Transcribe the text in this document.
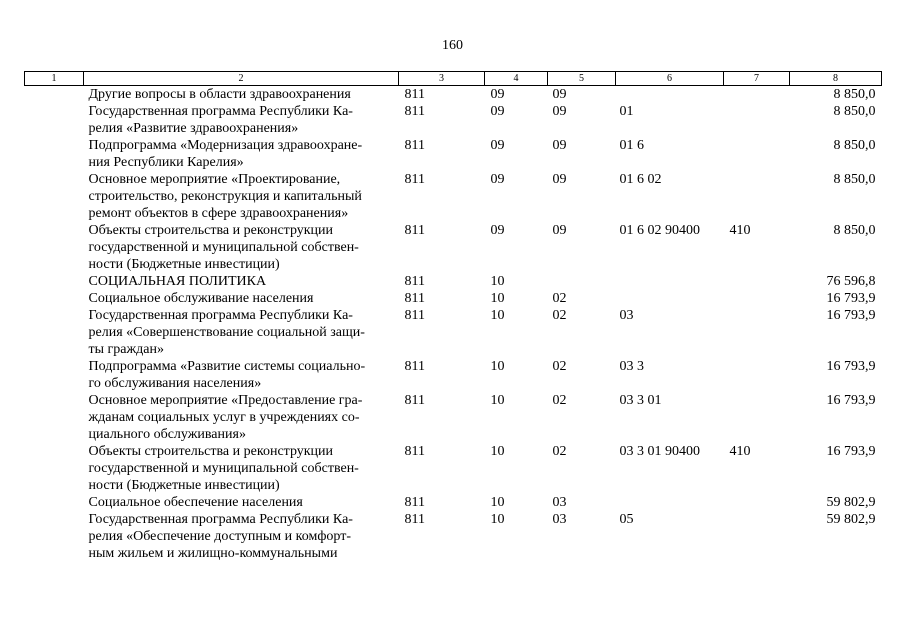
160
1	2	3	4	5	6	7	8
	Другие вопросы в области здравоохранения	811	09	09			8 850,0
	Государственная программа Республики Ка-
релия «Развитие здравоохранения»	811	09	09	01		8 850,0
	Подпрограмма «Модернизация здравоохране-
ния Республики Карелия»	811	09	09	01 6		8 850,0
	Основное мероприятие «Проектирование,
строительство, реконструкция и капитальный
ремонт объектов в сфере здравоохранения»	811	09	09	01 6 02		8 850,0
	Объекты строительства и реконструкции
государственной и муниципальной собствен-
ности (Бюджетные инвестиции)	811	09	09	01 6 02 90400	410	8 850,0
	СОЦИАЛЬНАЯ ПОЛИТИКА	811	10				76 596,8
	Социальное обслуживание населения	811	10	02			16 793,9
	Государственная программа Республики Ка-
релия «Совершенствование социальной защи-
ты граждан»	811	10	02	03		16 793,9
	Подпрограмма «Развитие системы социально-
го обслуживания населения»	811	10	02	03 3		16 793,9
	Основное мероприятие «Предоставление гра-
жданам социальных услуг в учреждениях со-
циального обслуживания»	811	10	02	03 3 01		16 793,9
	Объекты строительства и реконструкции
государственной и муниципальной собствен-
ности (Бюджетные инвестиции)	811	10	02	03 3 01 90400	410	16 793,9
	Социальное обеспечение населения	811	10	03			59 802,9
	Государственная программа Республики Ка-
релия «Обеспечение доступным и комфорт-
ным жильем и жилищно-коммунальными	811	10	03	05		59 802,9
